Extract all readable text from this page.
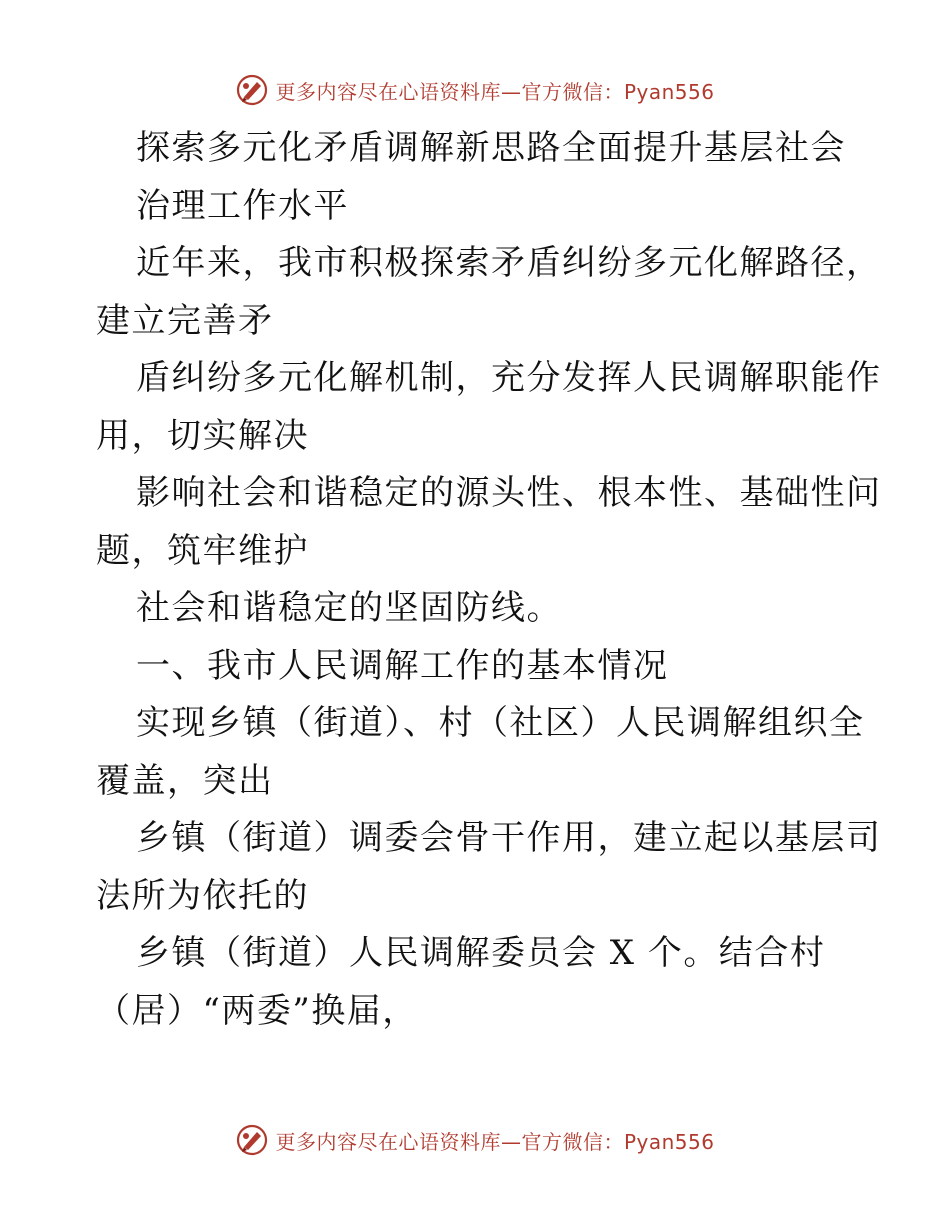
更多内容尽在心语资料库—官方微信：Pyan556
探索多元化矛盾调解新思路全面提升基层社会
治理工作水平
近年来，我市积极探索矛盾纠纷多元化解路径，
建立完善矛
盾纠纷多元化解机制，充分发挥人民调解职能作
用，切实解决
影响社会和谐稳定的源头性、根本性、基础性问
题，筑牢维护
社会和谐稳定的坚固防线。
一、我市人民调解工作的基本情况
实现乡镇（街道）、村（社区）人民调解组织全
覆盖，突出
乡镇（街道）调委会骨干作用，建立起以基层司
法所为依托的
乡镇（街道）人民调解委员会 X 个。结合村
（居）“两委”换届，
更多内容尽在心语资料库—官方微信：Pyan556
